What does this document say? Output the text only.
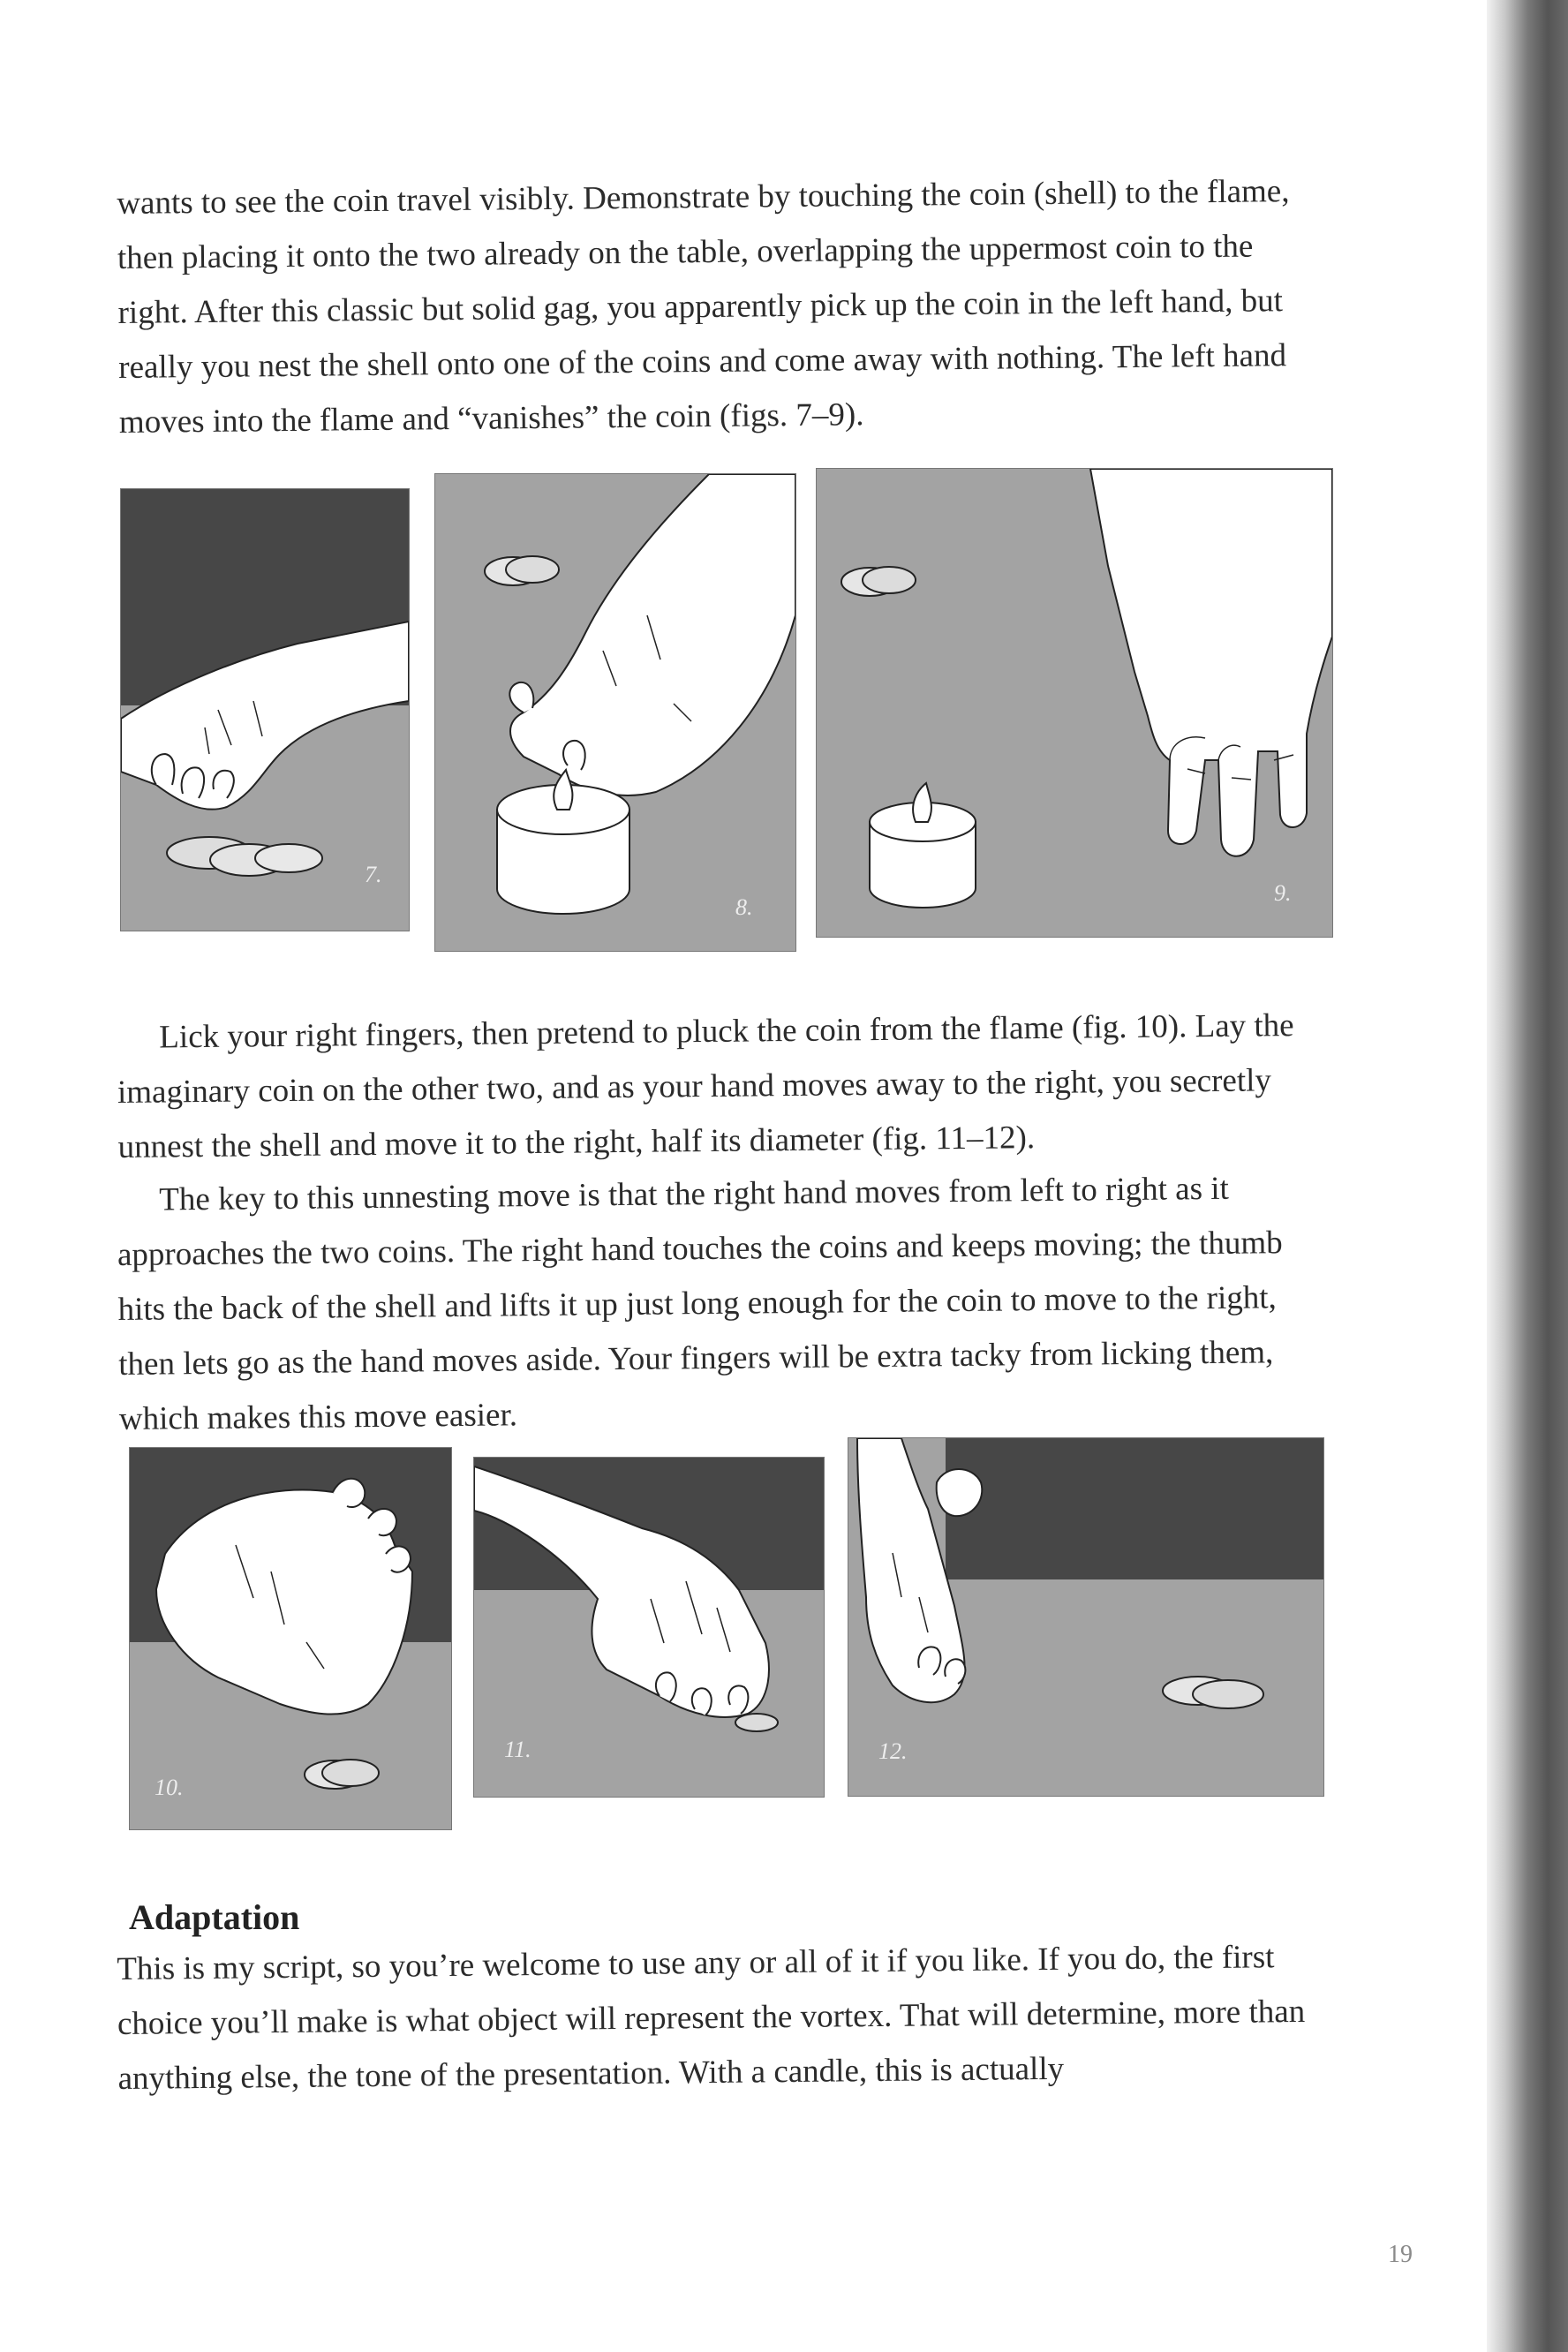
wants to see the coin travel visibly. Demonstrate by touching the coin (shell) to the flame, then placing it onto the two already on the table, overlapping the uppermost coin to the right. After this classic but solid gag, you apparently pick up the coin in the left hand, but really you nest the shell onto one of the coins and come away with nothing. The left hand moves into the flame and “vanishes” the coin (figs. 7–9).

7.
8.
9.

Lick your right fingers, then pretend to pluck the coin from the flame (fig. 10). Lay the imaginary coin on the other two, and as your hand moves away to the right, you secretly unnest the shell and move it to the right, half its diameter (fig. 11–12).

The key to this unnesting move is that the right hand moves from left to right as it approaches the two coins. The right hand touches the coins and keeps moving; the thumb hits the back of the shell and lifts it up just long enough for the coin to move to the right, then lets go as the hand moves aside. Your fingers will be extra tacky from licking them, which makes this move easier.

10.
11.	12.
Adaptation

This is my script, so you’re welcome to use any or all of it if you like. If you do, the first choice you’ll make is what object will represent the vortex. That will determine, more than anything else, the tone of the presentation. With a candle, this is actually

19
